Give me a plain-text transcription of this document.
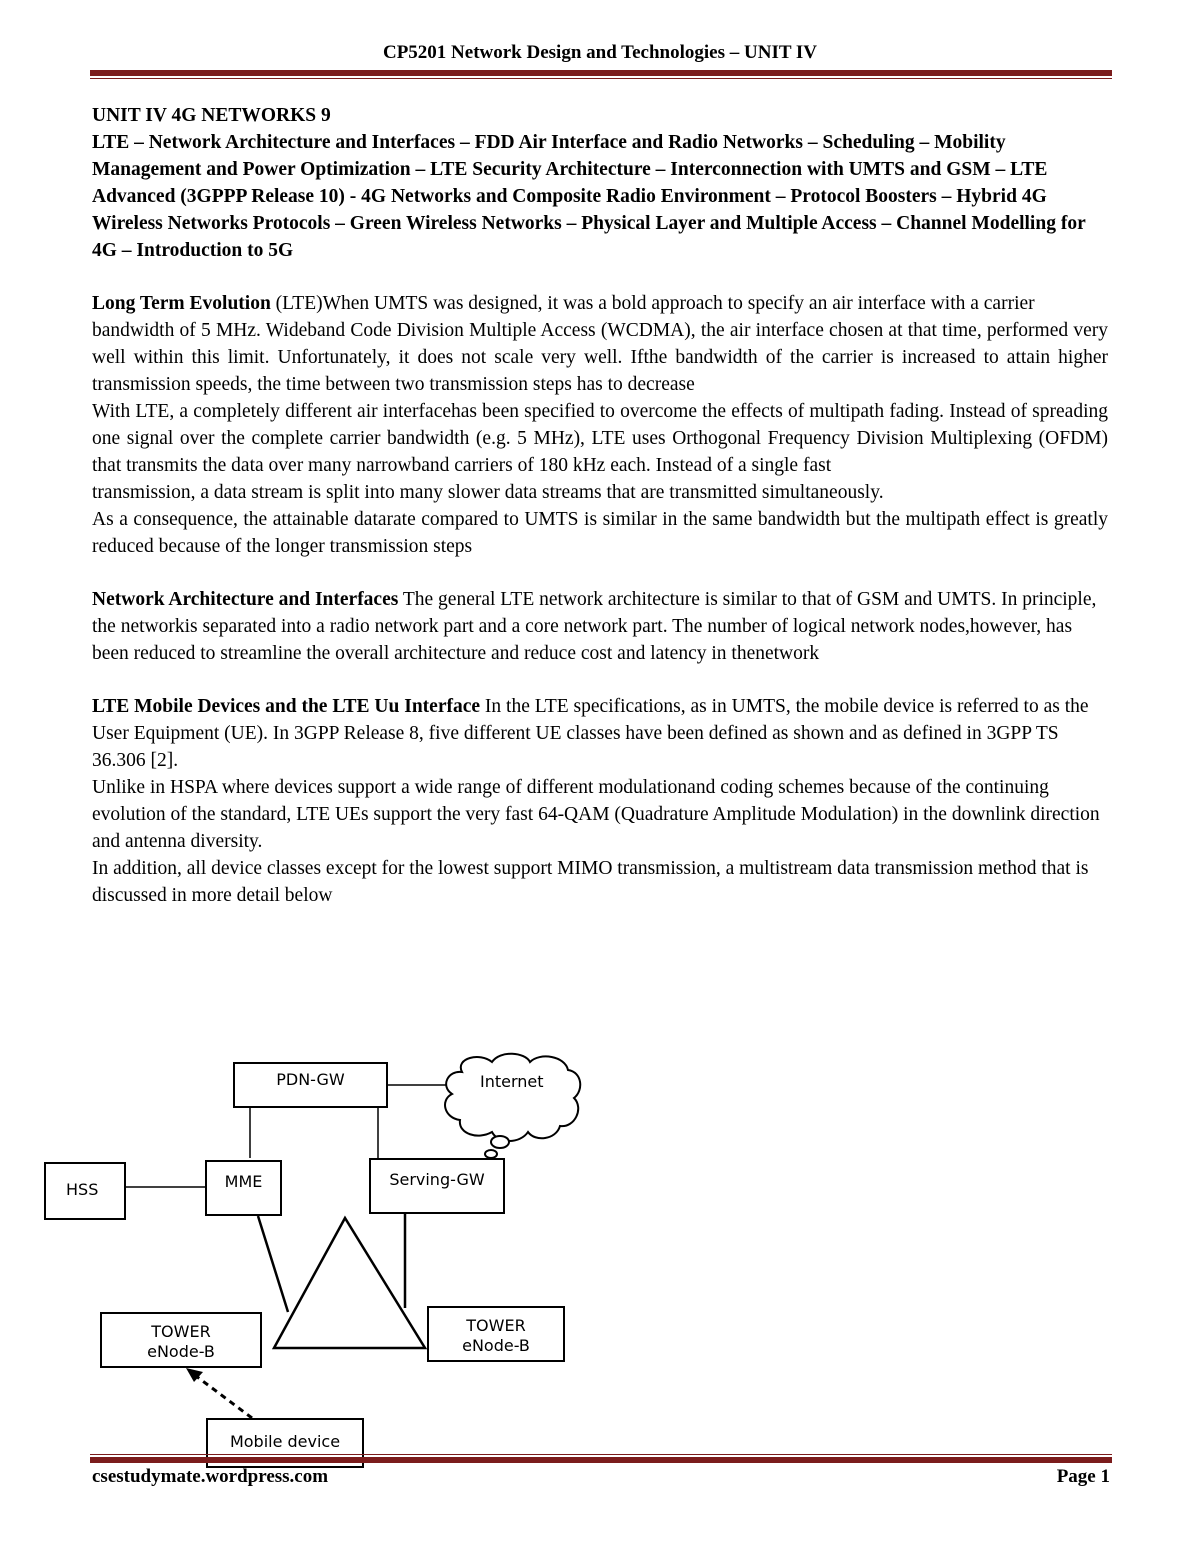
CP5201 Network Design and Technologies – UNIT IV

UNIT IV 4G NETWORKS 9

LTE – Network Architecture and Interfaces – FDD Air Interface and Radio Networks – Scheduling – Mobility Management and Power Optimization – LTE Security Architecture – Interconnection with UMTS and GSM – LTE Advanced (3GPPP Release 10) - 4G Networks and Composite Radio Environment – Protocol Boosters – Hybrid 4G Wireless Networks Protocols – Green Wireless Networks – Physical Layer and Multiple Access – Channel Modelling for 4G – Introduction to 5G

Long Term Evolution (LTE)When UMTS was designed, it was a bold approach to specify an air interface with a carrier

bandwidth of 5 MHz. Wideband Code Division Multiple Access (WCDMA), the air interface chosen at that time, performed very well within this limit. Unfortunately, it does not scale very well. Ifthe bandwidth of the carrier is increased to attain higher transmission speeds, the time between two transmission steps has to decrease

With LTE, a completely different air interfacehas been specified to overcome the effects of multipath fading. Instead of spreading one signal over the complete carrier bandwidth (e.g. 5 MHz), LTE uses Orthogonal Frequency Division Multiplexing (OFDM) that transmits the data over many narrowband carriers of 180 kHz each. Instead of a single fast

transmission, a data stream is split into many slower data streams that are transmitted simultaneously.

As a consequence, the attainable datarate compared to UMTS is similar in the same bandwidth but the multipath effect is greatly reduced because of the longer transmission steps

Network Architecture and Interfaces The general LTE network architecture is similar to that of GSM and UMTS. In principle, the networkis separated into a radio network part and a core network part. The number of logical network nodes,however, has been reduced to streamline the overall architecture and reduce cost and latency in thenetwork

LTE Mobile Devices and the LTE Uu Interface In the LTE specifications, as in UMTS, the mobile device is referred to as the User Equipment (UE). In 3GPP Release 8, five different UE classes have been defined as shown and as defined in 3GPP TS 36.306 [2].

Unlike in HSPA where devices support a wide range of different modulationand coding schemes because of the continuing evolution of the standard, LTE UEs support the very fast 64-QAM (Quadrature Amplitude Modulation) in the downlink direction and antenna diversity.

In addition, all device classes except for the lowest support MIMO transmission, a multistream data transmission method that is discussed in more detail below

PDN-GW	Internet
HSS	MME	Serving-GW
TOWER
eNode-B
TOWER
eNode-B
Mobile device
csestudymate.wordpress.com	Page 1
